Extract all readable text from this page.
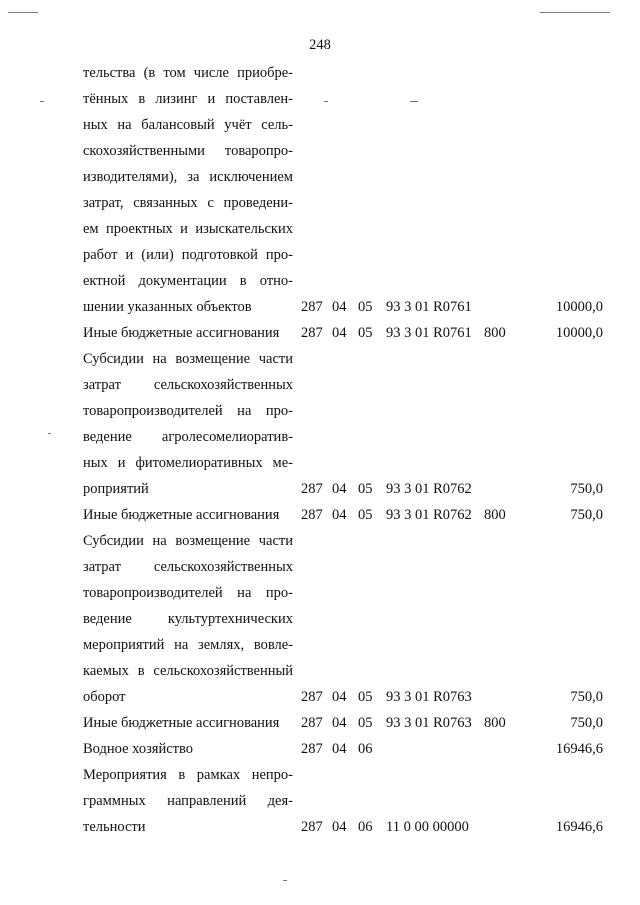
248
тельства (в том числе приобре-
тённых в лизинг и поставлен-
ных на балансовый учёт сель-
скохозяйственными товаропро-
изводителями), за исключением
затрат, связанных с проведени-
ем проектных и изыскательских
работ и (или) подготовкой про-
ектной документации в отно-
шении указанных объектов	287 04 05 93 3 01 R0761	10000,0
Иные бюджетные ассигнования	287 04 05 93 3 01 R0761 800	10000,0
Субсидии на возмещение части
затрат сельскохозяйственных
товаропроизводителей на про-
ведение агролесомелиоратив-
ных и фитомелиоративных ме-
роприятий	287 04 05 93 3 01 R0762	750,0
Иные бюджетные ассигнования	287 04 05 93 3 01 R0762 800	750,0
Субсидии на возмещение части
затрат сельскохозяйственных
товаропроизводителей на про-
ведение культуртехнических
мероприятий на землях, вовле-
каемых в сельскохозяйственный
оборот	287 04 05 93 3 01 R0763	750,0
Иные бюджетные ассигнования	287 04 05 93 3 01 R0763 800	750,0
Водное хозяйство	287 04 06	16946,6
Мероприятия в рамках непро-
граммных направлений дея-
тельности	287 04 06 11 0 00 00000	16946,6
